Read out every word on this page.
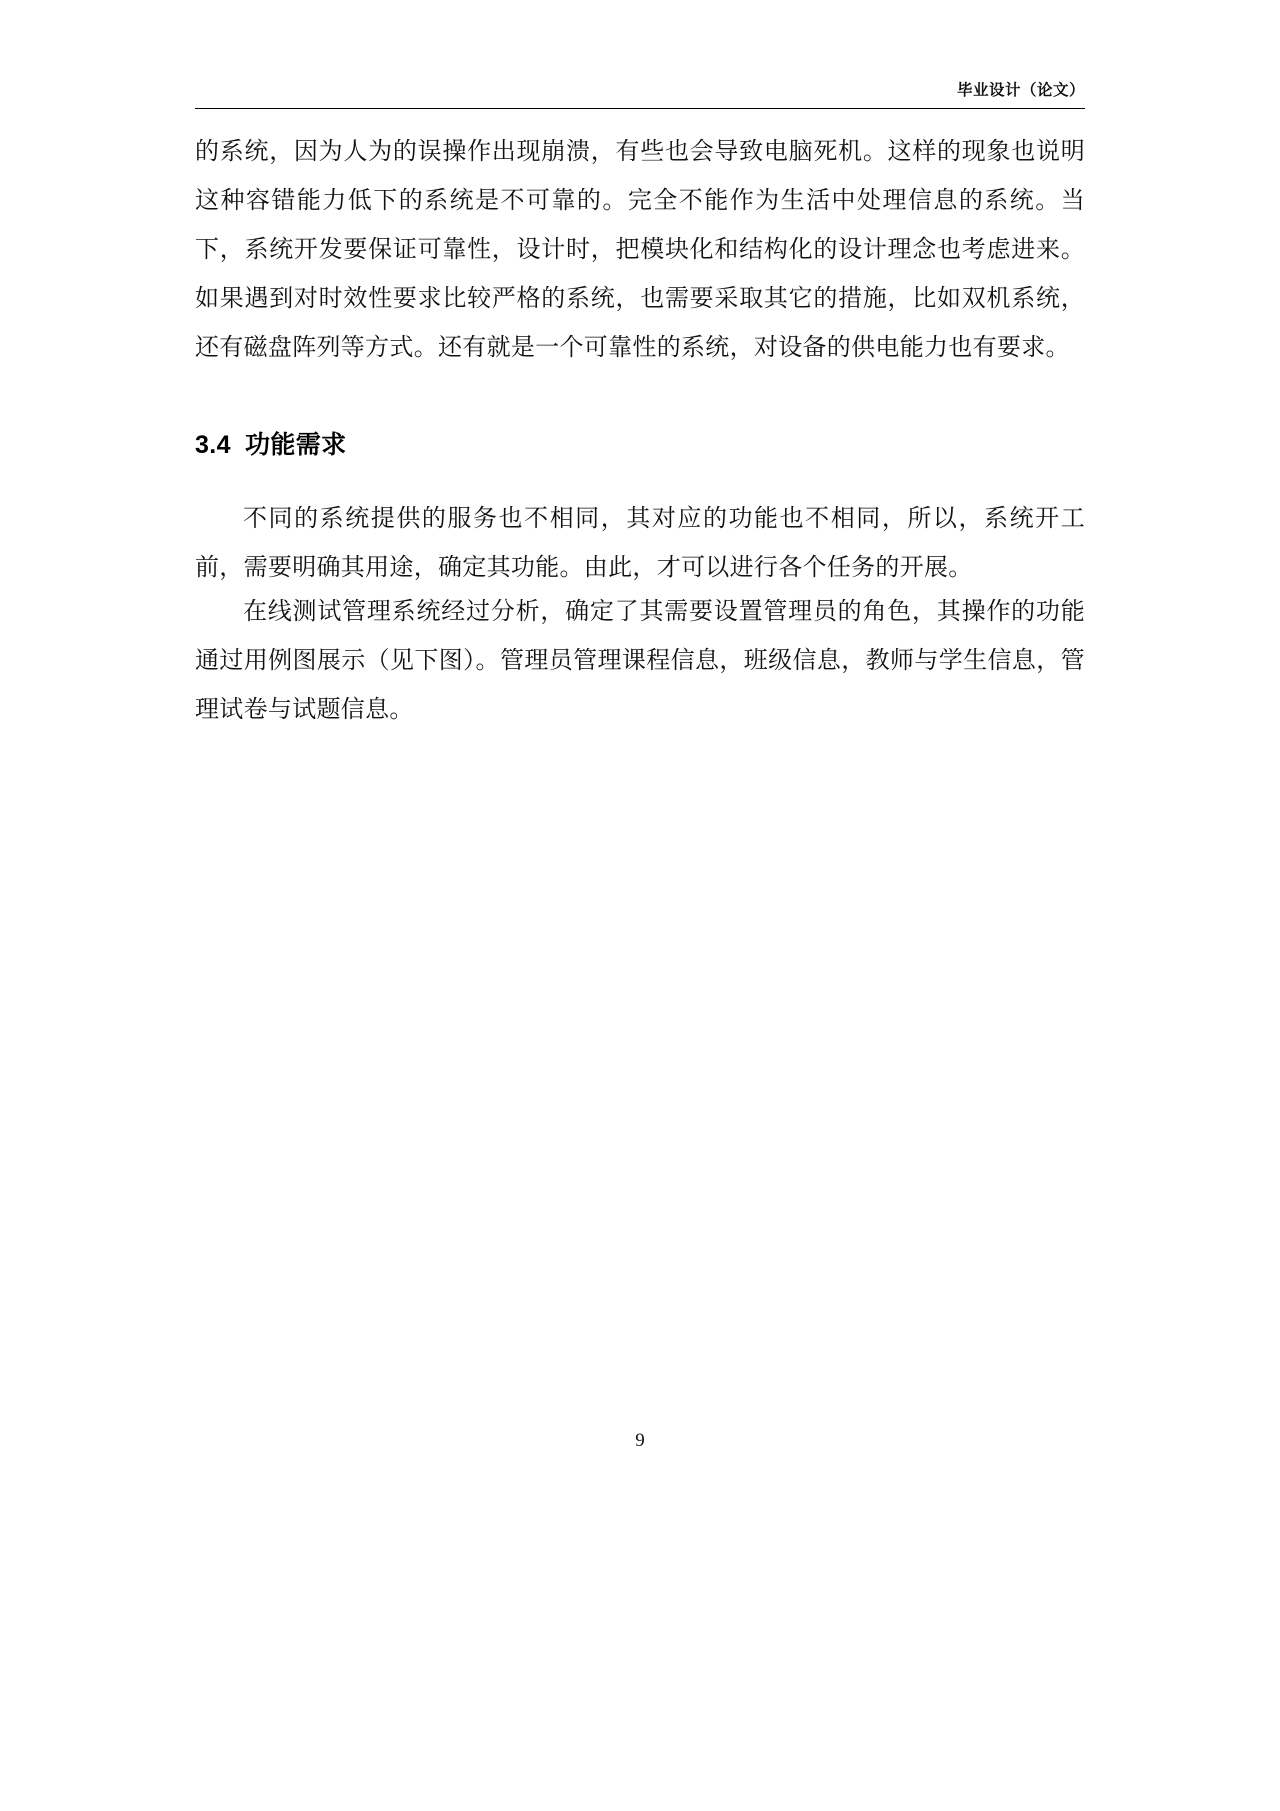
毕业设计（论文）

的系统，因为人为的误操作出现崩溃，有些也会导致电脑死机。这样的现象也说明这种容错能力低下的系统是不可靠的。完全不能作为生活中处理信息的系统。当下，系统开发要保证可靠性，设计时，把模块化和结构化的设计理念也考虑进来。如果遇到对时效性要求比较严格的系统，也需要采取其它的措施，比如双机系统，还有磁盘阵列等方式。还有就是一个可靠性的系统，对设备的供电能力也有要求。

3.4 功能需求

不同的系统提供的服务也不相同，其对应的功能也不相同，所以，系统开工前，需要明确其用途，确定其功能。由此，才可以进行各个任务的开展。

在线测试管理系统经过分析，确定了其需要设置管理员的角色，其操作的功能通过用例图展示（见下图）。管理员管理课程信息，班级信息，教师与学生信息，管理试卷与试题信息。

9
